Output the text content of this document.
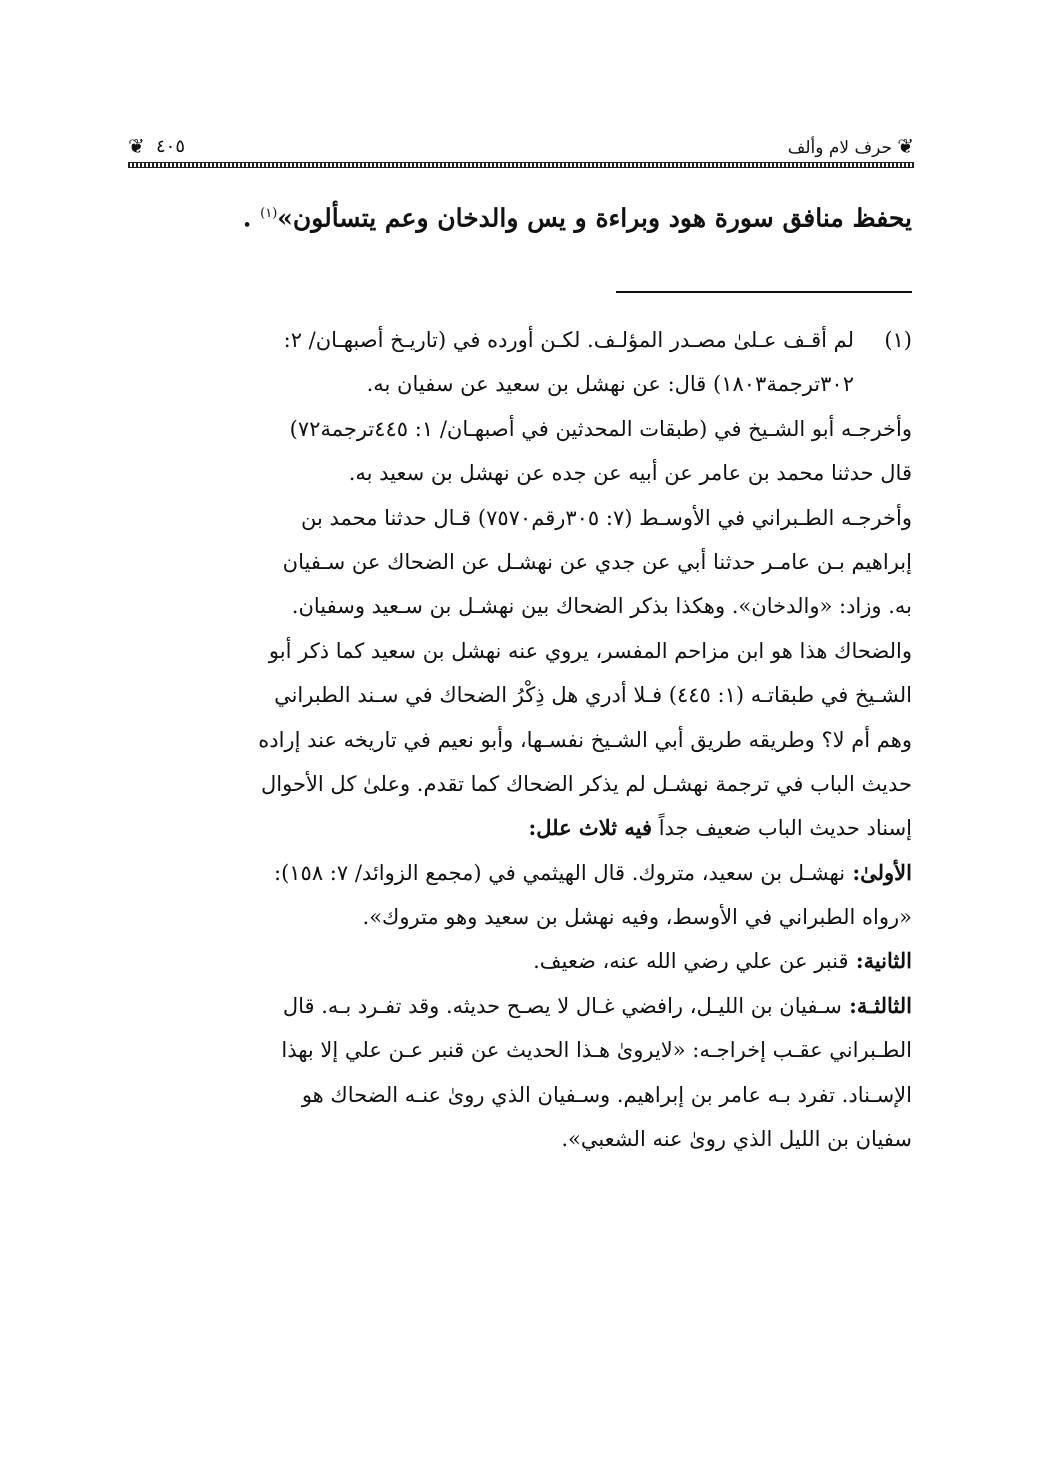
❦
حرف لام وألف
٤٠٥
❦
يحفظ منافق سورة هود وبراءة و يس والدخان وعم يتسألون»$^{(١)}$ .
(١)
لم أقـف عـلىٰ مصـدر المؤلـف. لكـن أورده في (تاريـخ أصبهـان/ ٢:
٣٠٢ترجمة١٨٠٣) قال: عن نهشل بن سعيد عن سفيان به.
وأخرجـه أبو الشـيخ في (طبقات المحدثين في أصبهـان/ ١: ٤٤٥ترجمة٧٢)
قال حدثنا محمد بن عامر عن أبيه عن جده عن نهشل بن سعيد به.
وأخرجـه الطـبراني في الأوسـط (٧: ٣٠٥رقم٧٥٧٠) قـال حدثنا محمد بن
إبراهيم بـن عامـر حدثنا أبي عن جدي عن نهشـل عن الضحاك عن سـفيان
به. وزاد: «والدخان». وهكذا بذكر الضحاك بين نهشـل بن سـعيد وسفيان.
والضحاك هذا هو ابن مزاحم المفسر، يروي عنه نهشل بن سعيد كما ذكر أبو
الشـيخ في طبقاتـه (١: ٤٤٥) فـلا أدري هل ذِكْرُ الضحاك في سـند الطبراني
وهم أم لا؟ وطريقه طريق أبي الشـيخ نفسـها، وأبو نعيم في تاريخه عند إراده
حديث الباب في ترجمة نهشـل لم يذكر الضحاك كما تقدم. وعلىٰ كل الأحوال
إسناد حديث الباب ضعيف جداً فيه ثلاث علل:
الأولىٰ: نهشـل بن سعيد، متروك. قال الهيثمي في (مجمع الزوائد/ ٧: ١٥٨):
«رواه الطبراني في الأوسط، وفيه نهشل بن سعيد وهو متروك».
الثانية: قنبر عن علي رضي الله عنه، ضعيف.
الثالثـة: سـفيان بن الليـل، رافضي غـال لا يصـح حديثه. وقد تفـرد بـه. قال
الطـبراني عقـب إخراجـه: «لايرویٰ هـذا الحديث عن قنبر عـن علي إلا بهذا
الإسـناد. تفرد بـه عامر بن إبراهيم. وسـفيان الذي رویٰ عنـه الضحاك هو
سفيان بن الليل الذي رویٰ عنه الشعبي».
